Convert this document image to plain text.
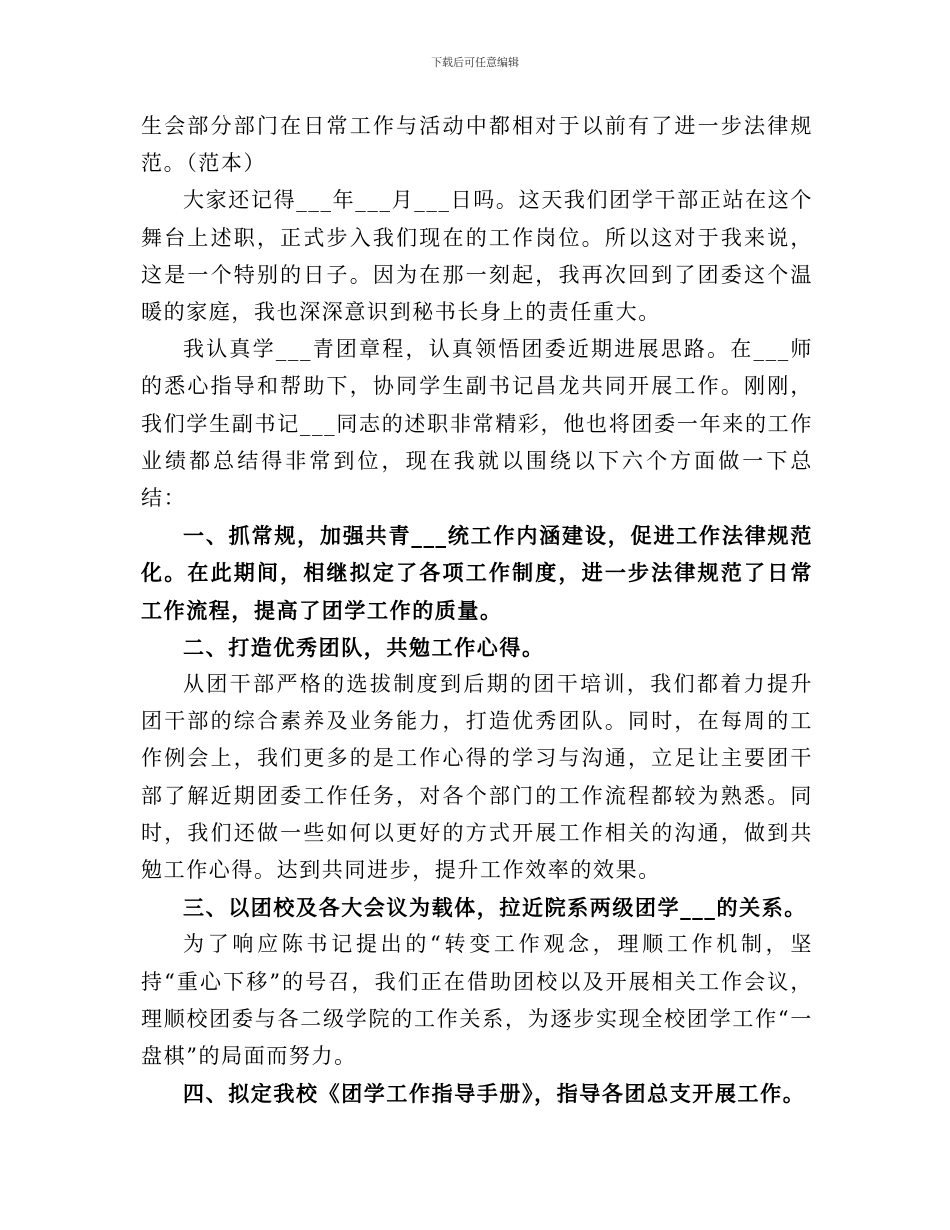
下载后可任意编辑

生会部分部门在日常工作与活动中都相对于以前有了进一步法律规范。（范本）

大家还记得___年___月___日吗。这天我们团学干部正站在这个舞台上述职，正式步入我们现在的工作岗位。所以这对于我来说，这是一个特别的日子。因为在那一刻起，我再次回到了团委这个温暖的家庭，我也深深意识到秘书长身上的责任重大。

我认真学___青团章程，认真领悟团委近期进展思路。在___师的悉心指导和帮助下，协同学生副书记昌龙共同开展工作。刚刚，我们学生副书记___同志的述职非常精彩，他也将团委一年来的工作业绩都总结得非常到位，现在我就以围绕以下六个方面做一下总结：

一、抓常规，加强共青___统工作内涵建设，促进工作法律规范化。在此期间，相继拟定了各项工作制度，进一步法律规范了日常工作流程，提高了团学工作的质量。

二、打造优秀团队，共勉工作心得。

从团干部严格的选拔制度到后期的团干培训，我们都着力提升团干部的综合素养及业务能力，打造优秀团队。同时，在每周的工作例会上，我们更多的是工作心得的学习与沟通，立足让主要团干部了解近期团委工作任务，对各个部门的工作流程都较为熟悉。同时，我们还做一些如何以更好的方式开展工作相关的沟通，做到共勉工作心得。达到共同进步，提升工作效率的效果。

三、以团校及各大会议为载体，拉近院系两级团学___的关系。

为了响应陈书记提出的“转变工作观念，理顺工作机制，坚持“重心下移”的号召，我们正在借助团校以及开展相关工作会议，理顺校团委与各二级学院的工作关系，为逐步实现全校团学工作“一盘棋”的局面而努力。

四、拟定我校《团学工作指导手册》，指导各团总支开展工作。
